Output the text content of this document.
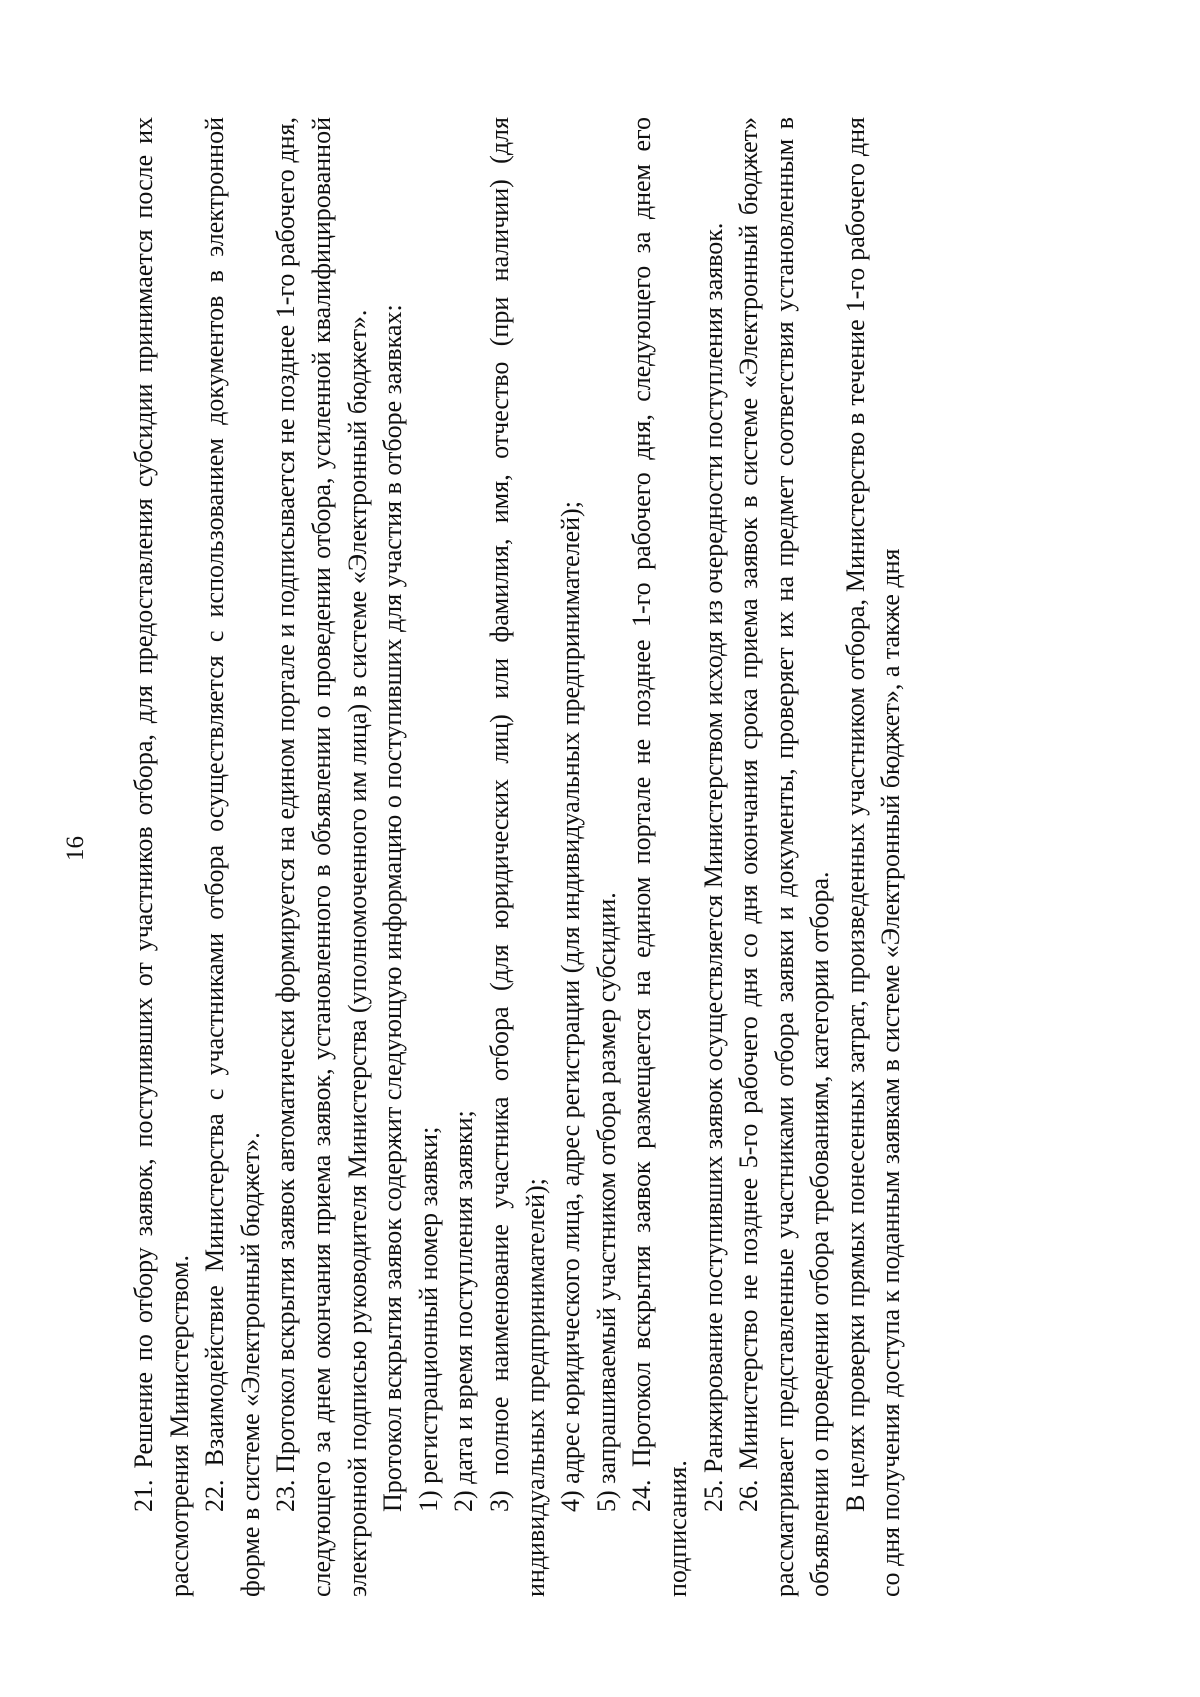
16 21. Решение по отбору заявок, поступивших от участников отбора, для предоставления субсидии принимается после их рассмотрения Министерством. 22. Взаимодействие Министерства с участниками отбора осуществляется с использованием документов в электронной форме в системе «Электронный бюджет». 23. Протокол вскрытия заявок автоматически формируется на едином портале и подписывается не позднее 1-го рабочего дня, следующего за днем окончания приема заявок, установленного в объявлении о проведении отбора, усиленной квалифицированной электронной подписью руководителя Министерства (уполномоченного им лица) в системе «Электронный бюджет». Протокол вскрытия заявок содержит следующую информацию о поступивших для участия в отборе заявках: 1) регистрационный номер заявки; 2) дата и время поступления заявки; 3) полное наименование участника отбора (для юридических лиц) или фамилия, имя, отчество (при наличии) (для индивидуальных предпринимателей); 4) адрес юридического лица, адрес регистрации (для индивидуальных предпринимателей); 5) запрашиваемый участником отбора размер субсидии. 24. Протокол вскрытия заявок размещается на едином портале не позднее 1-го рабочего дня, следующего за днем его подписания.

25. Ранжирование поступивших заявок осуществляется Министерством исходя из очередности поступления заявок. 26. Министерство не позднее 5-го рабочего дня со дня окончания срока приема заявок в системе «Электронный бюджет» рассматривает представленные участниками отбора заявки и документы, проверяет их на предмет соответствия установленным в объявлении о проведении отбора требованиям, категории отбора. В целях проверки прямых понесенных затрат, произведенных участником отбора, Министерство в течение 1-го рабочего дня со дня получения доступа к поданным заявкам в системе «Электронный бюджет», а также дня
